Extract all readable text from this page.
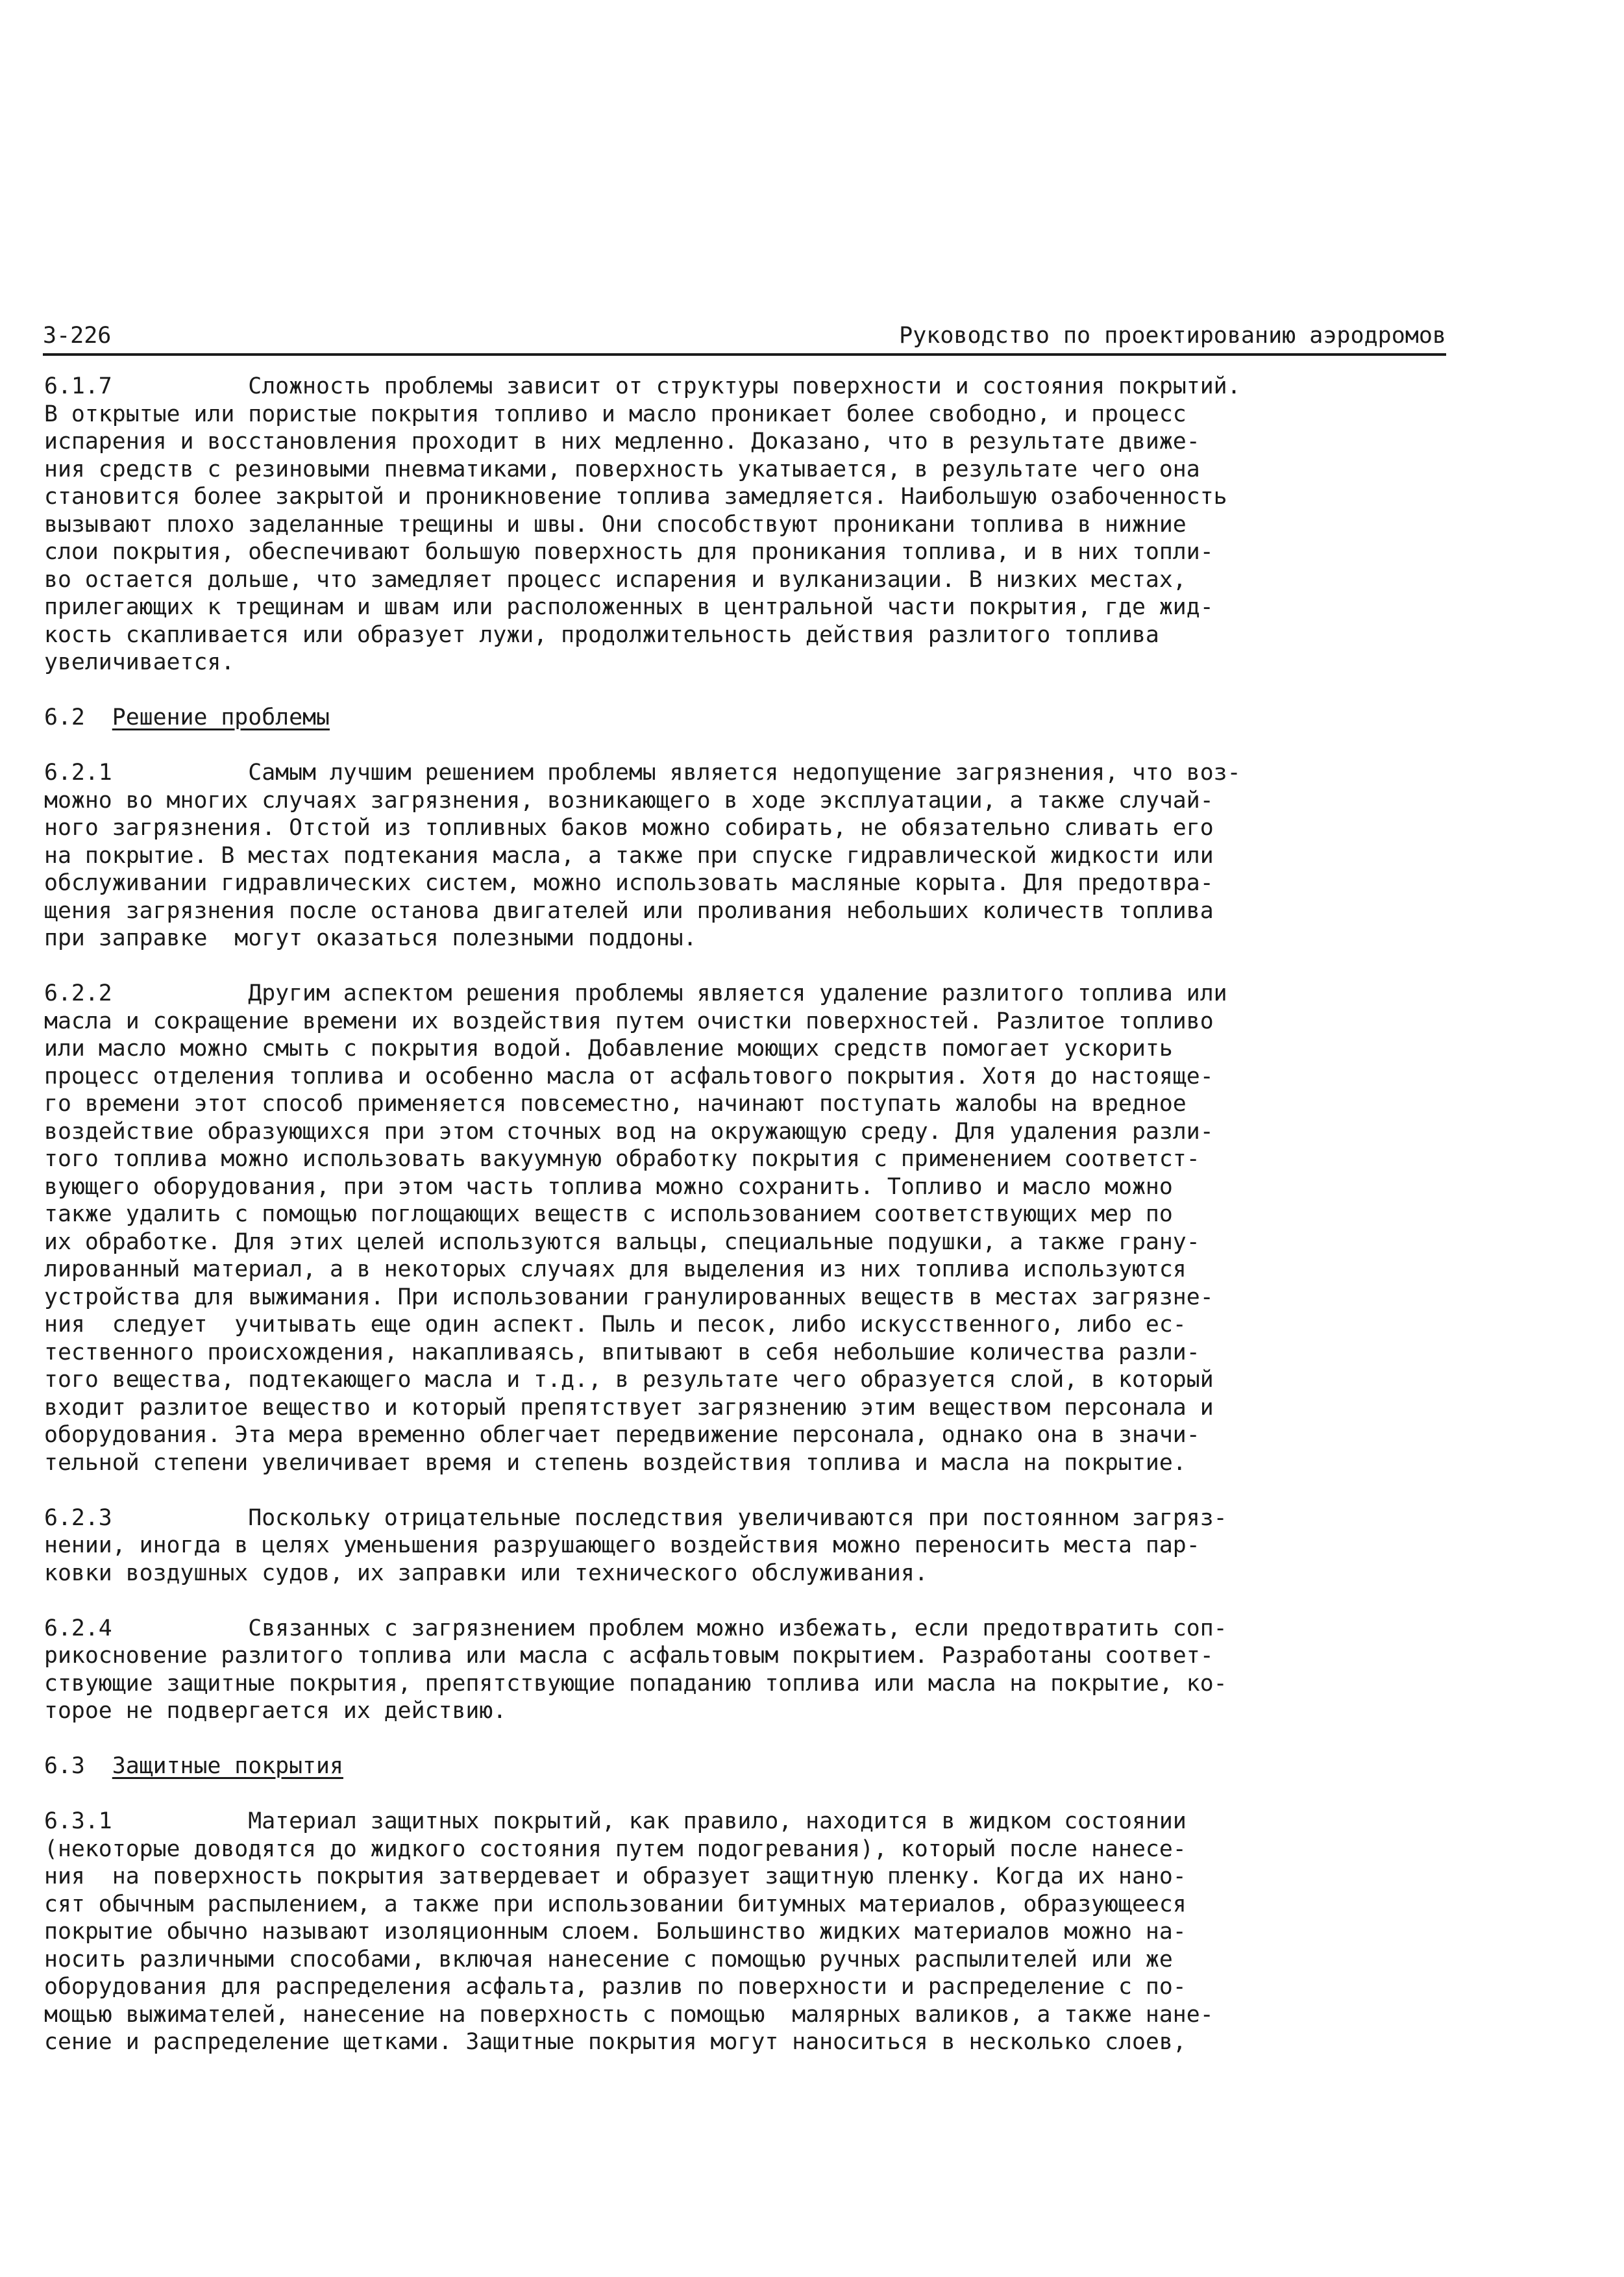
3-226	Руководство по проектированию аэродромов
6.1.7	Сложность проблемы зависит от структуры поверхности и состояния покрытий.
В открытые или пористые покрытия топливо и масло проникает более свободно, и процесс
испарения и восстановления проходит в них медленно. Доказано, что в результате движе-
ния средств с резиновыми пневматиками, поверхность укатывается, в результате чего она
становится более закрытой и проникновение топлива замедляется. Наибольшую озабоченность
вызывают плохо заделанные трещины и швы. Они способствуют проникани топлива в нижние
слои покрытия, обеспечивают большую поверхность для проникания топлива, и в них топли-
во остается дольше, что замедляет процесс испарения и вулканизации. В низких местах,
прилегающих к трещинам и швам или расположенных в центральной части покрытия, где жид-
кость скапливается или образует лужи, продолжительность действия разлитого топлива
увеличивается.
6.2 Решение проблемы
6.2.1	Самым лучшим решением проблемы является недопущение загрязнения, что воз-
можно во многих случаях загрязнения, возникающего в ходе эксплуатации, а также случай-
ного загрязнения. Отстой из топливных баков можно собирать, не обязательно сливать его
на покрытие. В местах подтекания масла, а также при спуске гидравлической жидкости или
обслуживании гидравлических систем, можно использовать масляные корыта. Для предотвра-
щения загрязнения после останова двигателей или проливания небольших количеств топлива
при заправке  могут оказаться полезными поддоны.
6.2.2	Другим аспектом решения проблемы является удаление разлитого топлива или
масла и сокращение времени их воздействия путем очистки поверхностей. Разлитое топливо
или масло можно смыть с покрытия водой. Добавление моющих средств помогает ускорить
процесс отделения топлива и особенно масла от асфальтового покрытия. Хотя до настояще-
го времени этот способ применяется повсеместно, начинают поступать жалобы на вредное
воздействие образующихся при этом сточных вод на окружающую среду. Для удаления разли-
того топлива можно использовать вакуумную обработку покрытия с применением соответст-
вующего оборудования, при этом часть топлива можно сохранить. Топливо и масло можно
также удалить с помощью поглощающих веществ с использованием соответствующих мер по
их обработке. Для этих целей используются вальцы, специальные подушки, а также грану-
лированный материал, а в некоторых случаях для выделения из них топлива используются
устройства для выжимания. При использовании гранулированных веществ в местах загрязне-
ния  следует  учитывать еще один аспект. Пыль и песок, либо искусственного, либо ес-
тественного происхождения, накапливаясь, впитывают в себя небольшие количества разли-
того вещества, подтекающего масла и т.д., в результате чего образуется слой, в который
входит разлитое вещество и который препятствует загрязнению этим веществом персонала и
оборудования. Эта мера временно облегчает передвижение персонала, однако она в значи-
тельной степени увеличивает время и степень воздействия топлива и масла на покрытие.
6.2.3	Поскольку отрицательные последствия увеличиваются при постоянном загряз-
нении, иногда в целях уменьшения разрушающего воздействия можно переносить места пар-
ковки воздушных судов, их заправки или технического обслуживания.
6.2.4	Связанных с загрязнением проблем можно избежать, если предотвратить соп-
рикосновение разлитого топлива или масла с асфальтовым покрытием. Разработаны соответ-
ствующие защитные покрытия, препятствующие попаданию топлива или масла на покрытие, ко-
торое не подвергается их действию.
6.3 Защитные покрытия
6.3.1	Материал защитных покрытий, как правило, находится в жидком состоянии
(некоторые доводятся до жидкого состояния путем подогревания), который после нанесе-
ния  на поверхность покрытия затвердевает и образует защитную пленку. Когда их нано-
сят обычным распылением, а также при использовании битумных материалов, образующееся
покрытие обычно называют изоляционным слоем. Большинство жидких материалов можно на-
носить различными способами, включая нанесение с помощью ручных распылителей или же
оборудования для распределения асфальта, разлив по поверхности и распределение с по-
мощью выжимателей, нанесение на поверхность с помощью  малярных валиков, а также нане-
сение и распределение щетками. Защитные покрытия могут наноситься в несколько слоев,
